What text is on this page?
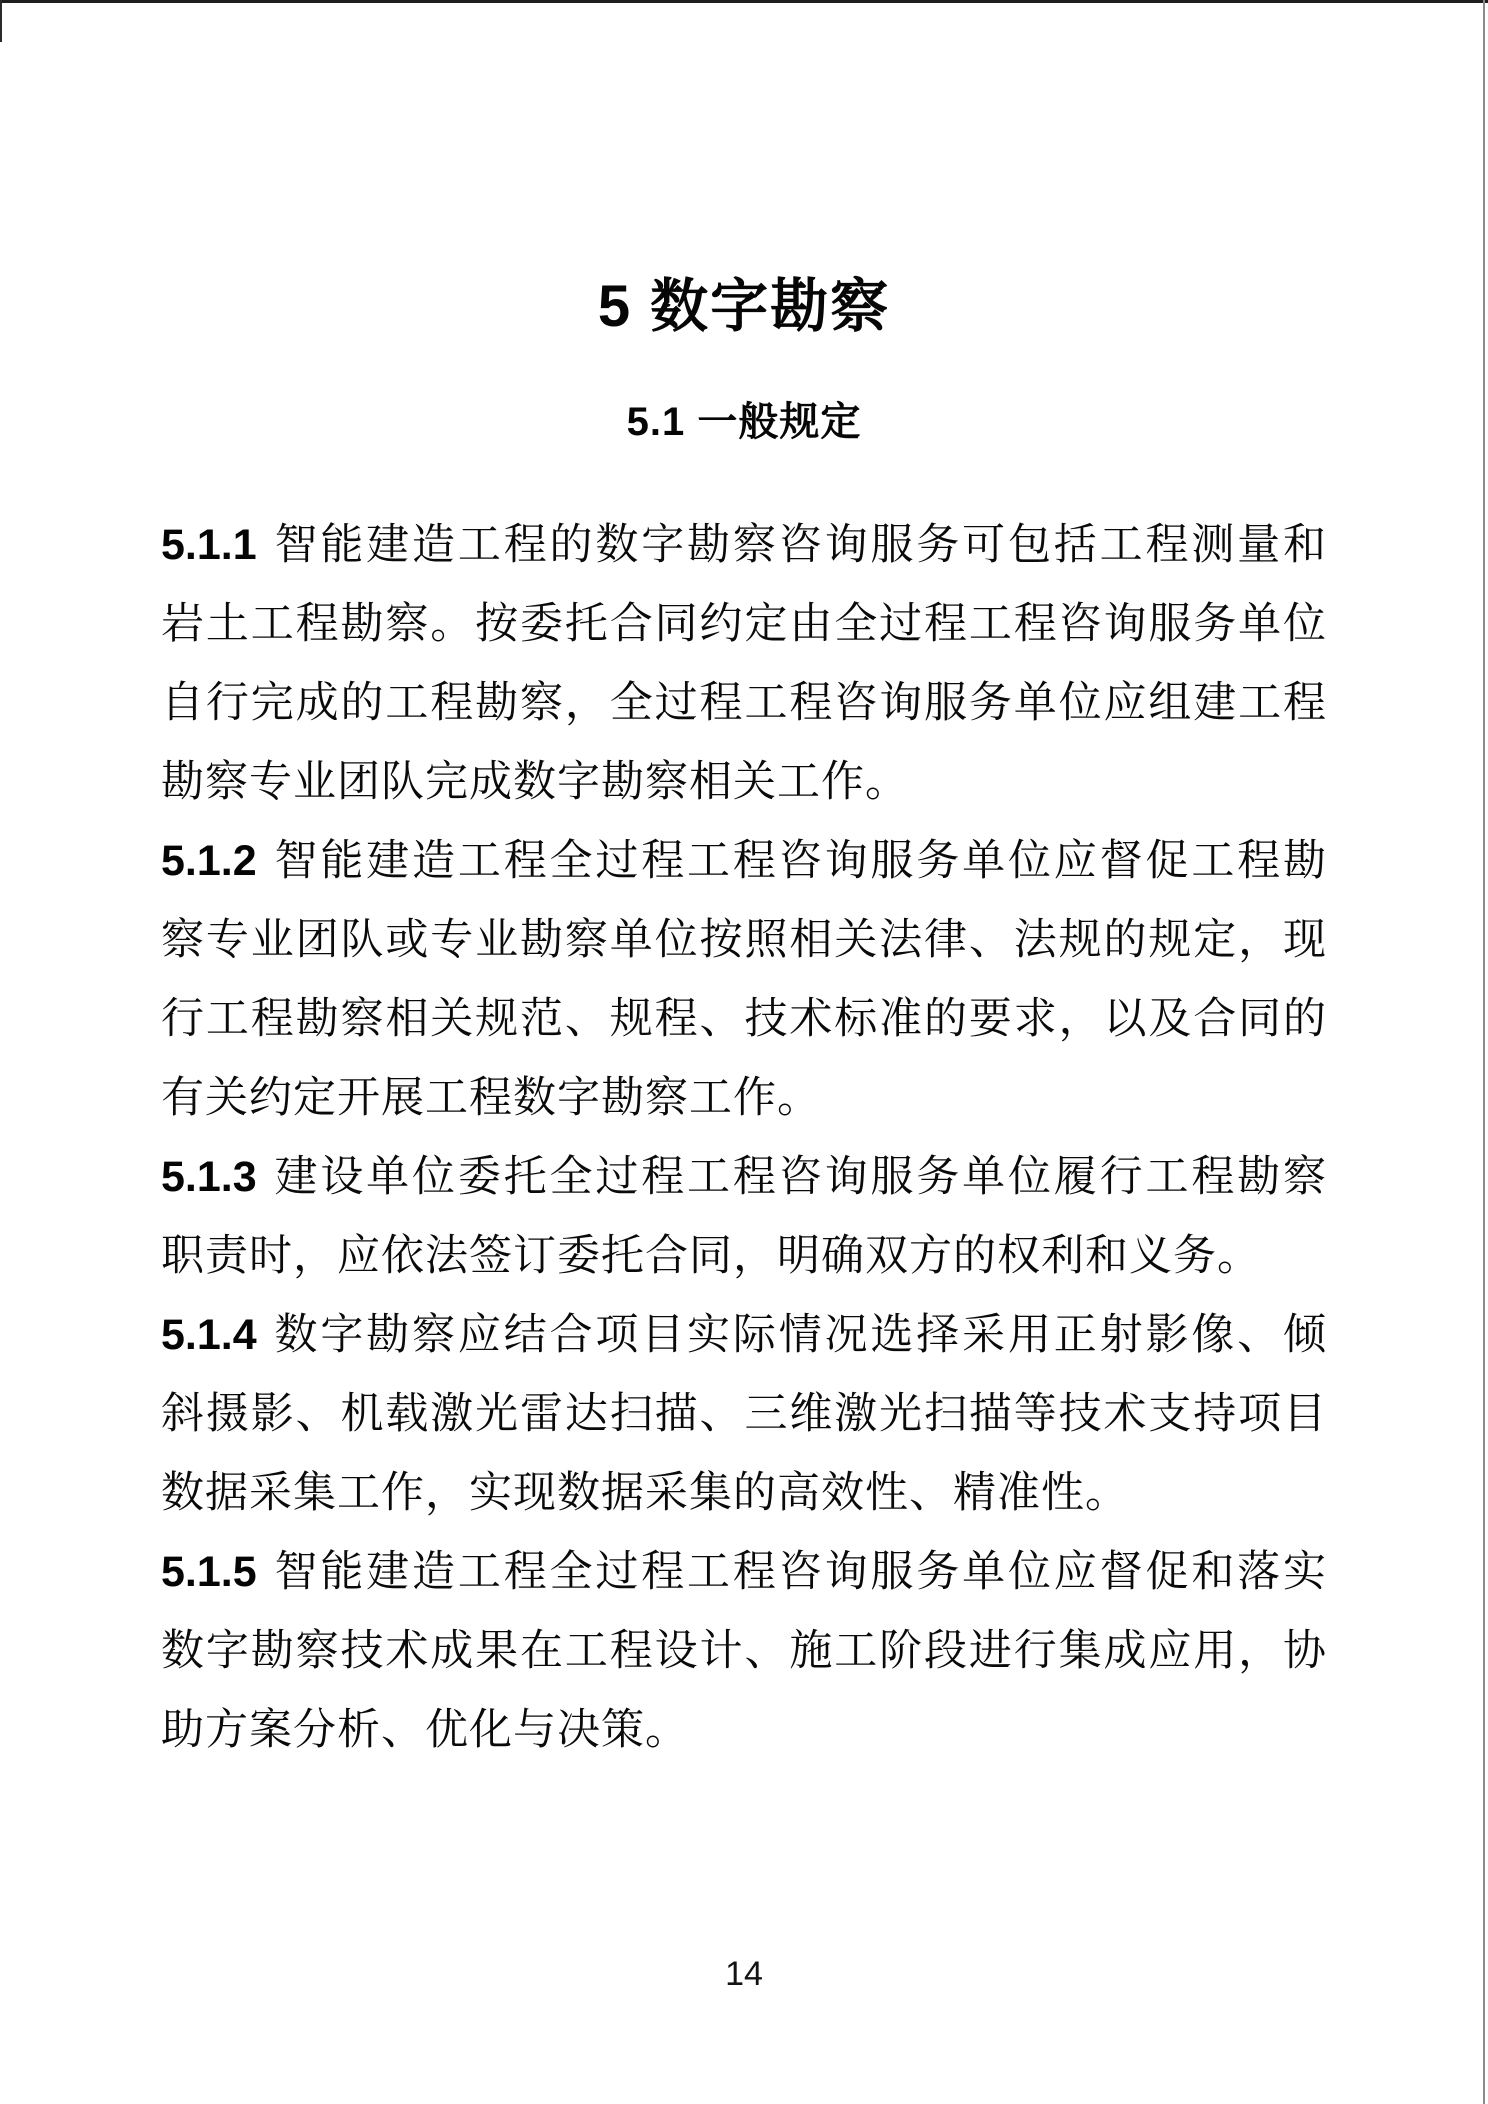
5 数字勘察
5.1 一般规定

5.1.1 智能建造工程的数字勘察咨询服务可包括工程测量和岩土工程勘察。按委托合同约定由全过程工程咨询服务单位自行完成的工程勘察，全过程工程咨询服务单位应组建工程勘察专业团队完成数字勘察相关工作。

5.1.2 智能建造工程全过程工程咨询服务单位应督促工程勘察专业团队或专业勘察单位按照相关法律、法规的规定，现行工程勘察相关规范、规程、技术标准的要求，以及合同的有关约定开展工程数字勘察工作。

5.1.3 建设单位委托全过程工程咨询服务单位履行工程勘察职责时，应依法签订委托合同，明确双方的权利和义务。

5.1.4 数字勘察应结合项目实际情况选择采用正射影像、倾斜摄影、机载激光雷达扫描、三维激光扫描等技术支持项目数据采集工作，实现数据采集的高效性、精准性。

5.1.5 智能建造工程全过程工程咨询服务单位应督促和落实数字勘察技术成果在工程设计、施工阶段进行集成应用，协助方案分析、优化与决策。

14
